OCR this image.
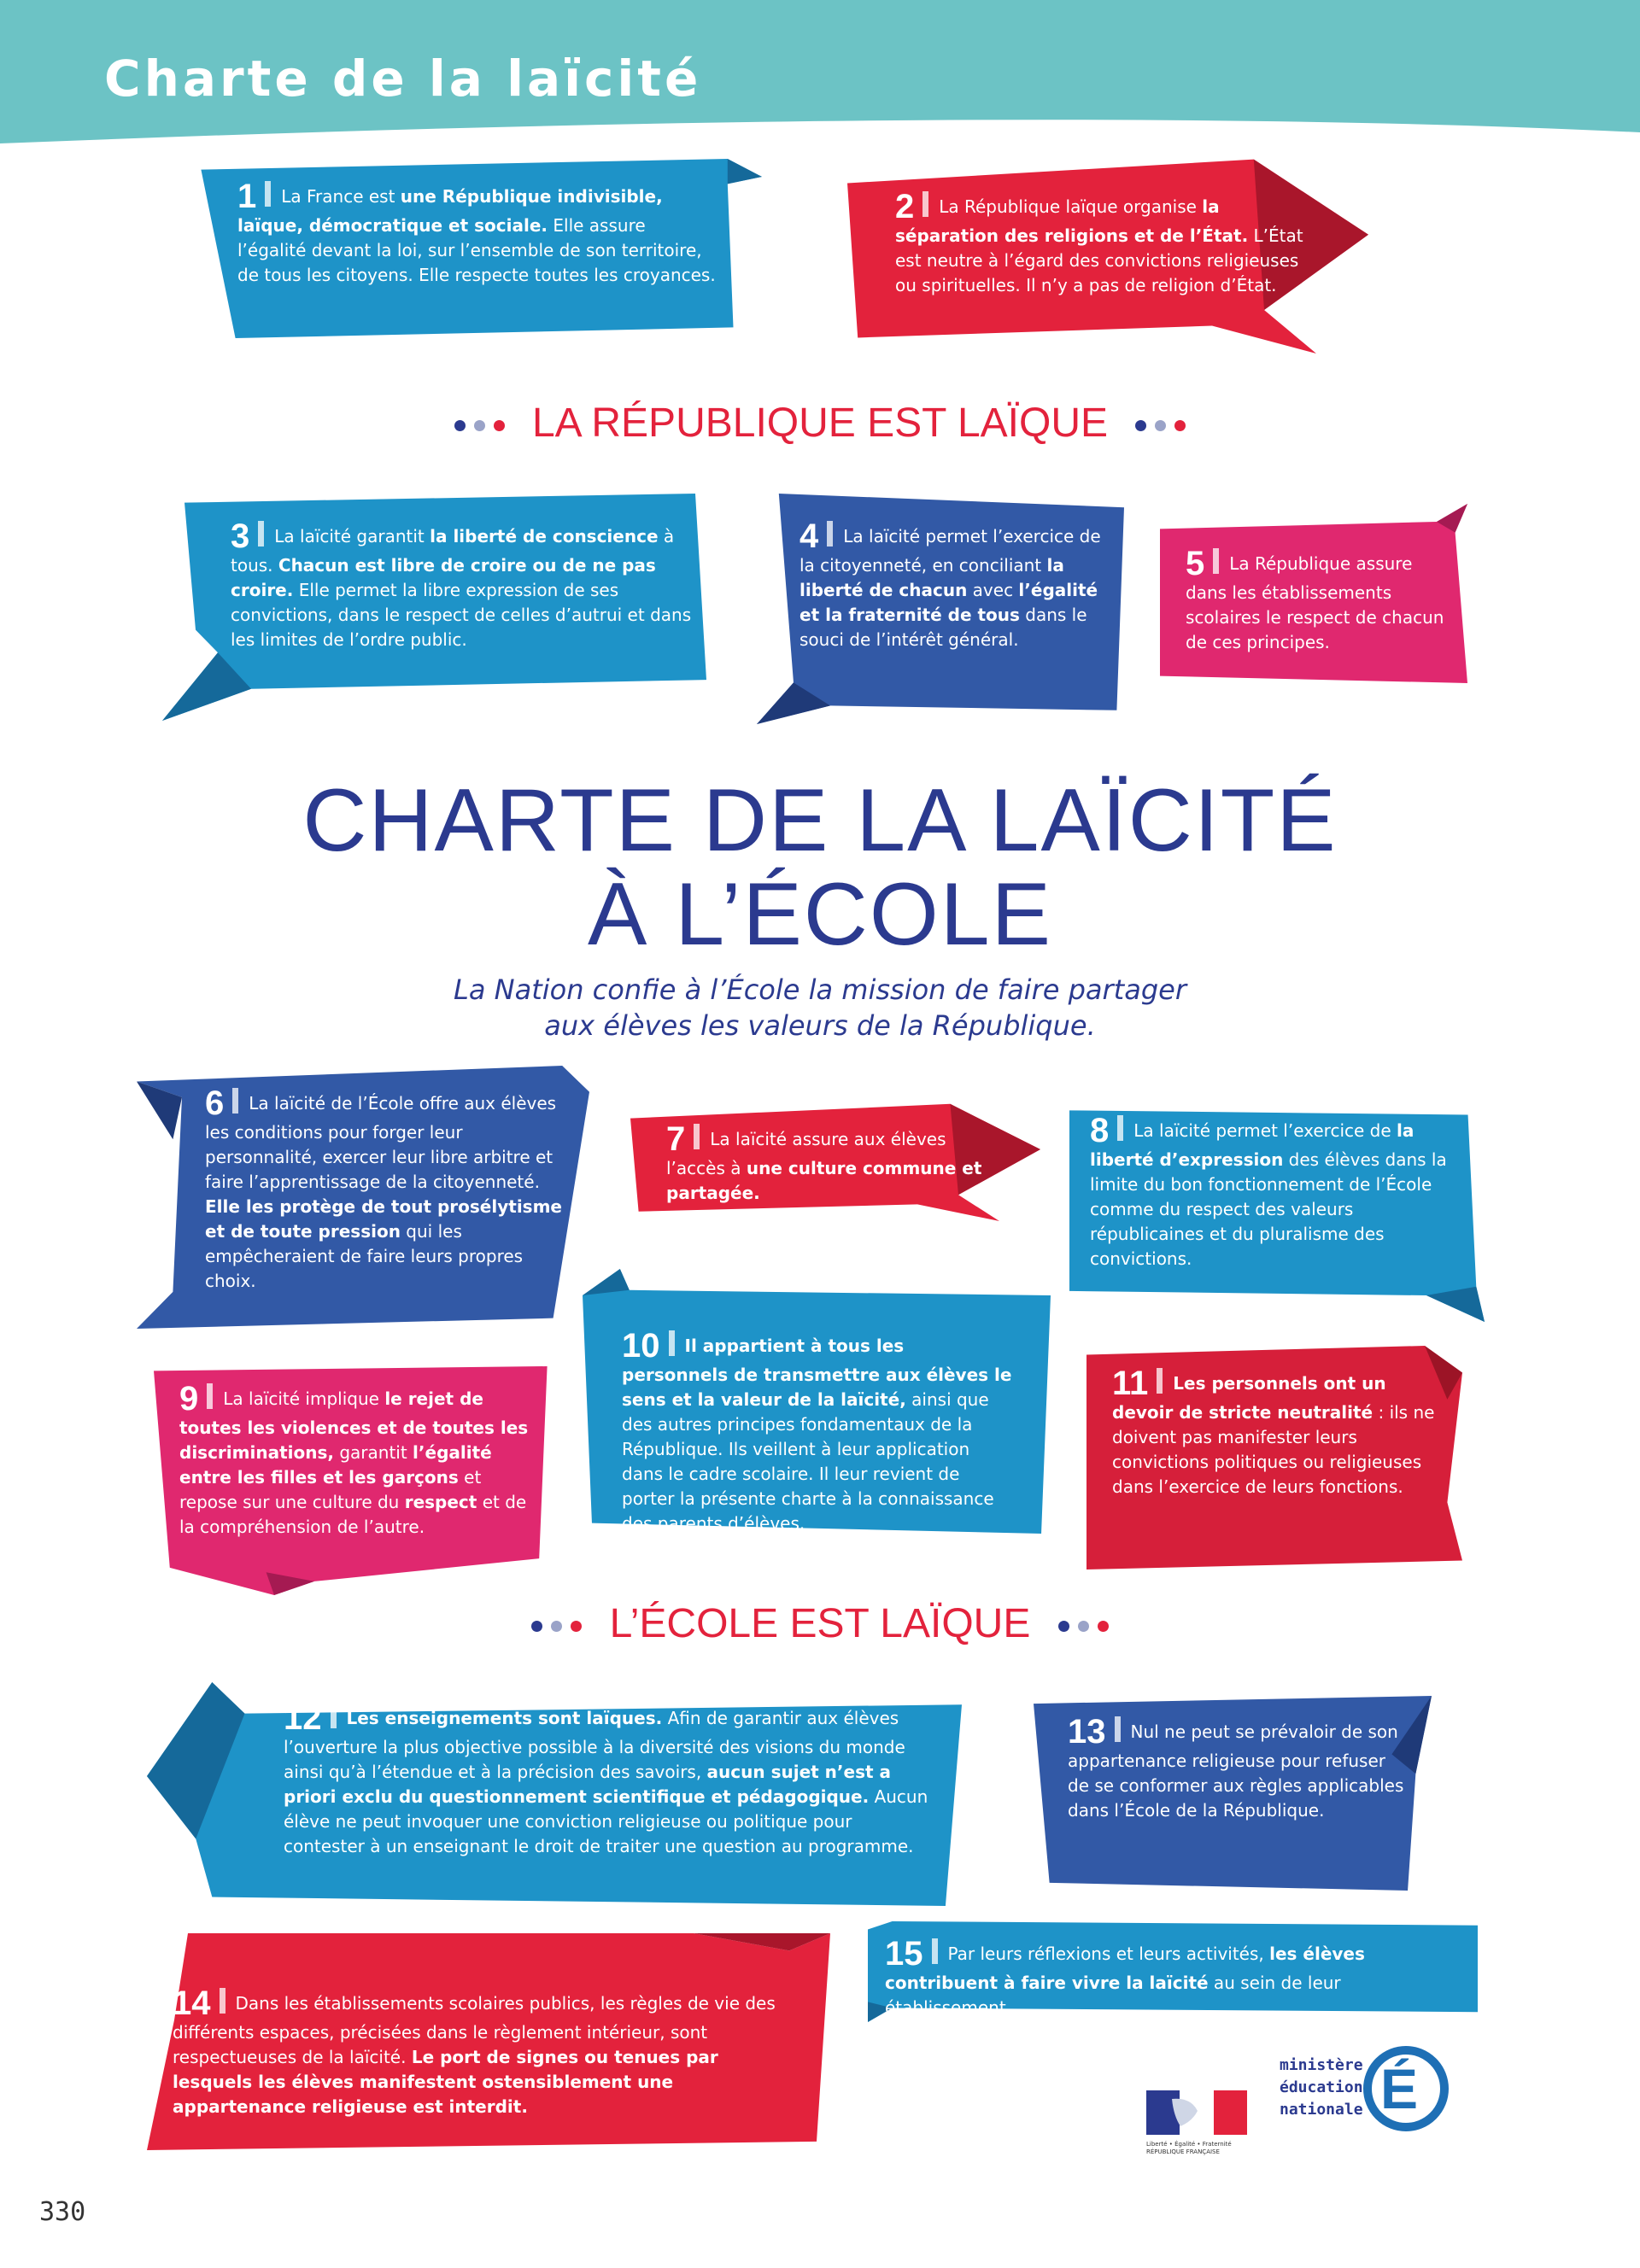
Charte de la laïcité
1 La France est une République indivisible, laïque, démocratique et sociale. Elle assure l’égalité devant la loi, sur l’ensemble de son territoire, de tous les citoyens. Elle respecte toutes les croyances.
2 La République laïque organise la séparation des religions et de l’État. L’État est neutre à l’égard des convictions religieuses ou spirituelles. Il n’y a pas de religion d’État.
3 La laïcité garantit la liberté de conscience à tous. Chacun est libre de croire ou de ne pas croire. Elle permet la libre expression de ses convictions, dans le respect de celles d’autrui et dans les limites de l’ordre public.
4 La laïcité permet l’exercice de la citoyenneté, en conciliant la liberté de chacun avec l’égalité et la fraternité de tous dans le souci de l’intérêt général.
5 La République assure dans les établissements scolaires le respect de chacun de ces principes.
6 La laïcité de l’École offre aux élèves les conditions pour forger leur personnalité, exercer leur libre arbitre et faire l’apprentissage de la citoyenneté. Elle les protège de tout prosélytisme et de toute pression qui les empêcheraient de faire leurs propres choix.
7 La laïcité assure aux élèves l’accès à une culture commune et partagée.
8 La laïcité permet l’exercice de la liberté d’expression des élèves dans la limite du bon fonctionnement de l’École comme du respect des valeurs républicaines et du pluralisme des convictions.
9 La laïcité implique le rejet de toutes les violences et de toutes les discriminations, garantit l’égalité entre les filles et les garçons et repose sur une culture du respect et de la compréhension de l’autre.
10 Il appartient à tous les personnels de transmettre aux élèves le sens et la valeur de la laïcité, ainsi que des autres principes fondamentaux de la République. Ils veillent à leur application dans le cadre scolaire. Il leur revient de porter la présente charte à la connaissance des parents d’élèves.
11 Les personnels ont un devoir de stricte neutralité : ils ne doivent pas manifester leurs convictions politiques ou religieuses dans l’exercice de leurs fonctions.
12 Les enseignements sont laïques. Afin de garantir aux élèves l’ouverture la plus objective possible à la diversité des visions du monde ainsi qu’à l’étendue et à la précision des savoirs, aucun sujet n’est a priori exclu du questionnement scientifique et pédagogique. Aucun élève ne peut invoquer une conviction religieuse ou politique pour contester à un enseignant le droit de traiter une question au programme.
13 Nul ne peut se prévaloir de son appartenance religieuse pour refuser de se conformer aux règles applicables dans l’École de la République.
14 Dans les établissements scolaires publics, les règles de vie des différents espaces, précisées dans le règlement intérieur, sont respectueuses de la laïcité. Le port de signes ou tenues par lesquels les élèves manifestent ostensiblement une appartenance religieuse est interdit.
15 Par leurs réflexions et leurs activités, les élèves contribuent à faire vivre la laïcité au sein de leur établissement.
LA RÉPUBLIQUE EST LAÏQUE
CHARTE DE LA LAÏCITÉ
À L’ÉCOLE
La Nation confie à l’École la mission de faire partager
aux élèves les valeurs de la République.
L’ÉCOLE EST LAÏQUE
Liberté • Égalité • Fraternité RÉPUBLIQUE FRANÇAISE
ministère
éducation
nationale É
330
